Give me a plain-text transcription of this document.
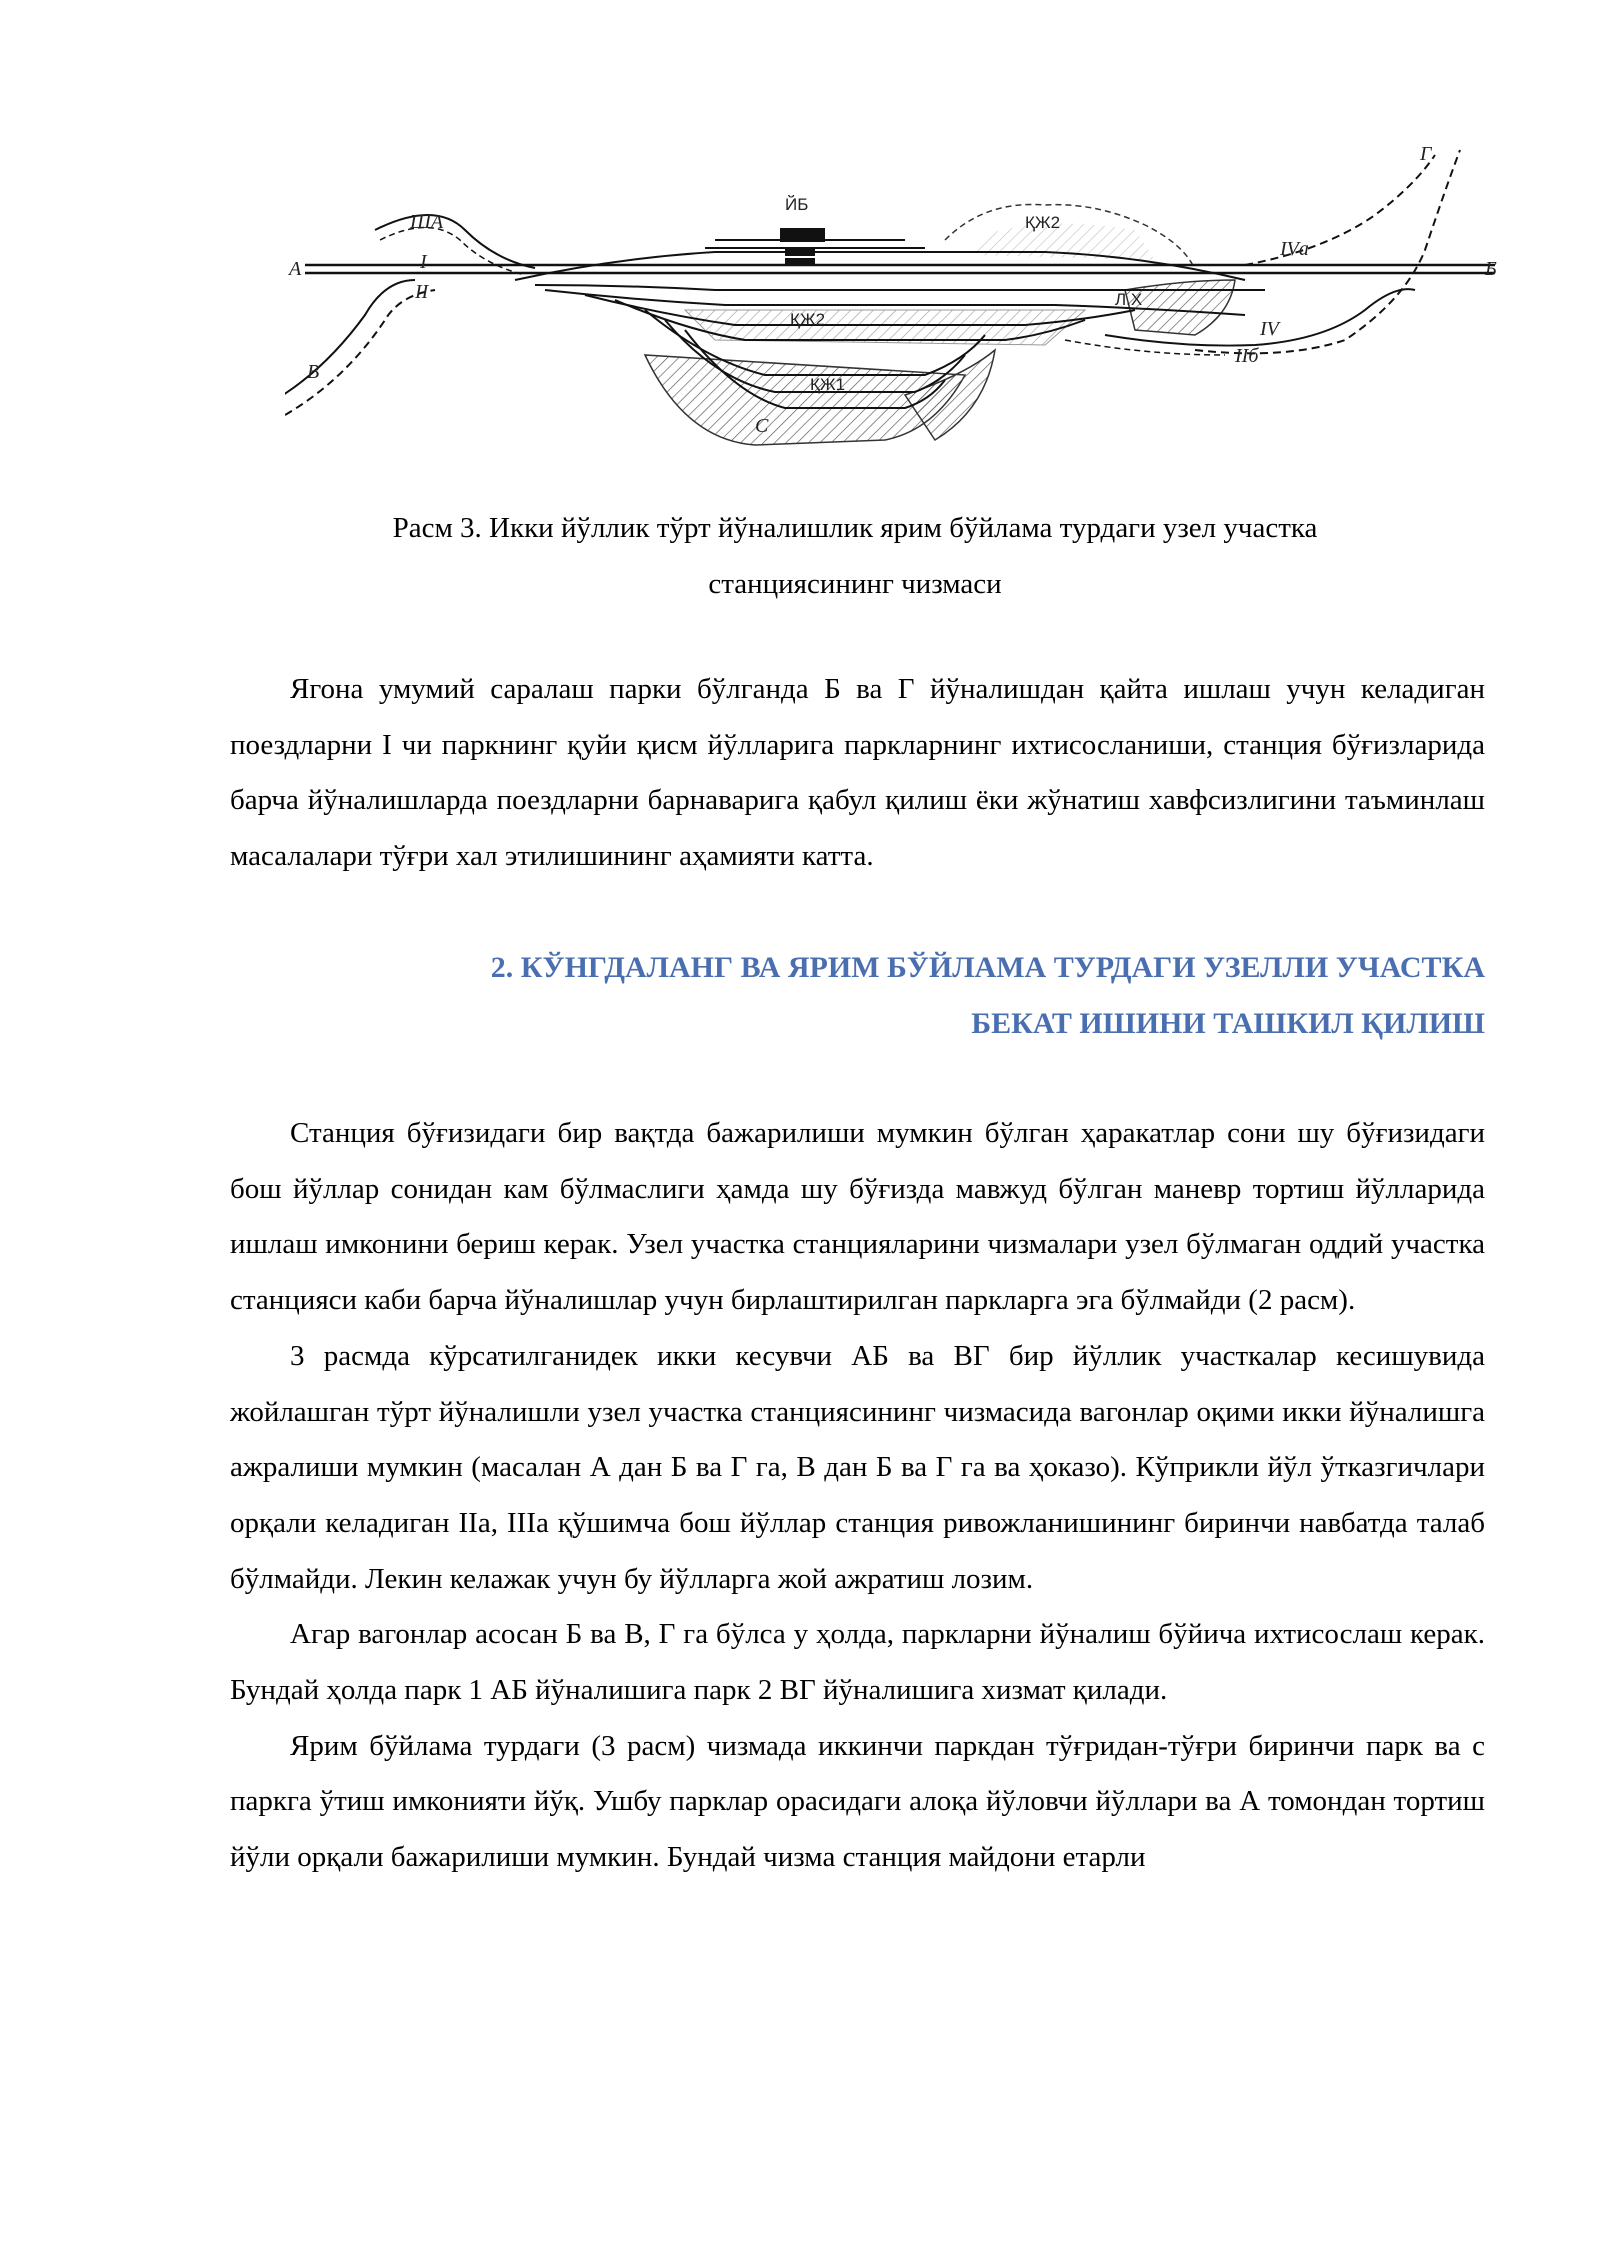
ЙБ
ҚЖ2
ҚЖ2
ҚЖ1
С
Л.Х
А	Б
В
Г
ША
I
II
IVа
IV
IIб
Расм 3. Икки йўллик тўрт йўналишлик ярим бўйлама турдаги узел участка
станциясининг чизмаси

Ягона умумий саралаш парки бўлганда Б ва Г йўналишдан қайта ишлаш учун келадиган поездларни I чи паркнинг қуйи қисм йўлларига паркларнинг ихтисосланиши, станция бўғизларида барча йўналишларда поездларни барнаварига қабул қилиш ёки жўнатиш хавфсизлигини таъминлаш масалалари тўғри хал этилишининг аҳамияти катта.

2. КЎНГДАЛАНГ ВА ЯРИМ БЎЙЛАМА ТУРДАГИ УЗЕЛЛИ УЧАСТКА
БЕКАТ ИШИНИ ТАШКИЛ ҚИЛИШ

Станция бўғизидаги бир вақтда бажарилиши мумкин бўлган ҳаракатлар сони шу бўғизидаги бош йўллар сонидан кам бўлмаслиги ҳамда шу бўғизда мавжуд бўлган маневр тортиш йўлларида ишлаш имконини бериш керак. Узел участка станцияларини чизмалари узел бўлмаган оддий участка станцияси каби барча йўналишлар учун бирлаштирилган паркларга эга бўлмайди (2 расм).

3 расмда кўрсатилганидек икки кесувчи АБ ва ВГ бир йўллик участкалар кесишувида жойлашган тўрт йўналишли узел участка станциясининг чизмасида вагонлар оқими икки йўналишга ажралиши мумкин (масалан А дан Б ва Г га, В дан Б ва Г га ва ҳоказо). Кўприкли йўл ўтказгичлари орқали келадиган IIа, IIIа қўшимча бош йўллар станция ривожланишининг биринчи навбатда талаб бўлмайди. Лекин келажак учун бу йўлларга жой ажратиш лозим.

Агар вагонлар асосан Б ва В, Г га бўлса у ҳолда, паркларни йўналиш бўйича ихтисослаш керак. Бундай ҳолда парк 1 АБ йўналишига парк 2 ВГ йўналишига хизмат қилади.

Ярим бўйлама турдаги (3 расм) чизмада иккинчи паркдан тўғридан-тўғри биринчи парк ва с паркга ўтиш имконияти йўқ. Ушбу парклар орасидаги алоқа йўловчи йўллари ва А томондан тортиш йўли орқали бажарилиши мумкин. Бундай чизма станция майдони етарли
